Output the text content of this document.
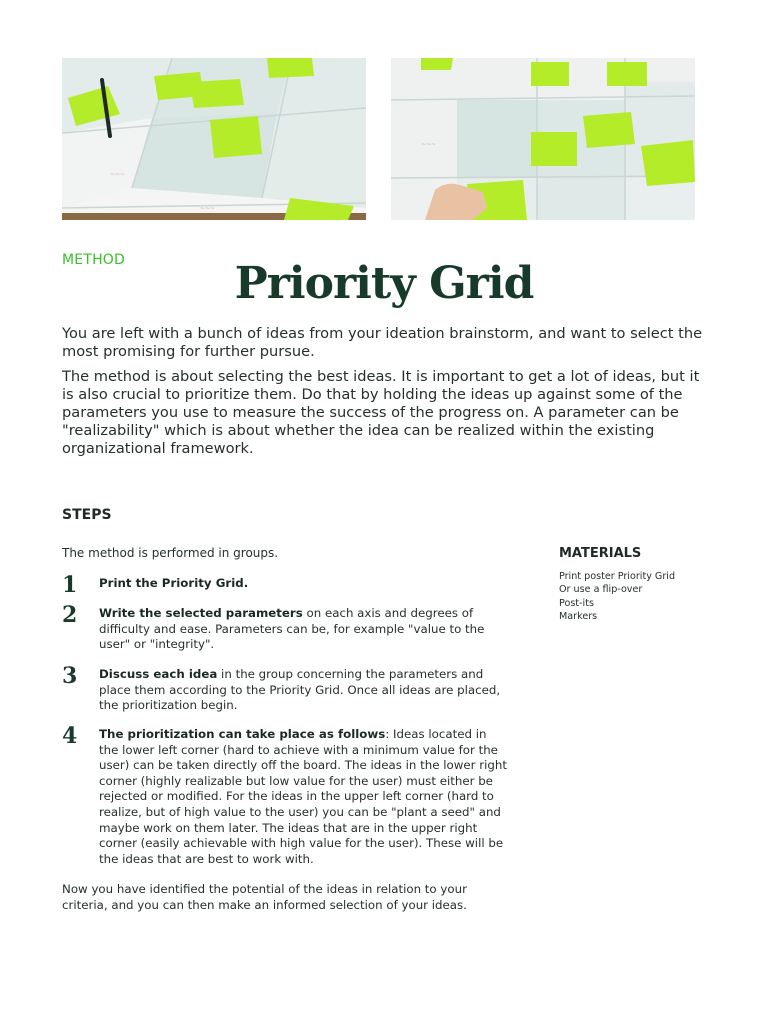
~~~
~~~
~~~
METHOD	Priority Grid

You are left with a bunch of ideas from your ideation brainstorm, and want to select the most promising for further pursue.

The method is about selecting the best ideas. It is important to get a lot of ideas, but it is also crucial to prioritize them. Do that by holding the ideas up against some of the parameters you use to measure the success of the progress on. A parameter can be "realizability" which is about whether the idea can be realized within the existing organizational framework.

STEPS

The method is performed in groups.

1 Print the Priority Grid.

2 Write the selected parameters on each axis and degrees of difficulty and ease. Parameters can be, for example "value to the user" or "integrity".

3 Discuss each idea in the group concerning the parameters and place them according to the Priority Grid. Once all ideas are placed, the prioritization begin.

4 The prioritization can take place as follows: Ideas located in the lower left corner (hard to achieve with a minimum value for the user) can be taken directly off the board. The ideas in the lower right corner (highly realizable but low value for the user) must either be rejected or modified. For the ideas in the upper left corner (hard to realize, but of high value to the user) you can be "plant a seed" and maybe work on them later. The ideas that are in the upper right corner (easily achievable with high value for the user). These will be the ideas that are best to work with.

Now you have identified the potential of the ideas in relation to your criteria, and you can then make an informed selection of your ideas.

MATERIALS
Print poster Priority Grid
Or use a flip-over
Post-its
Markers
